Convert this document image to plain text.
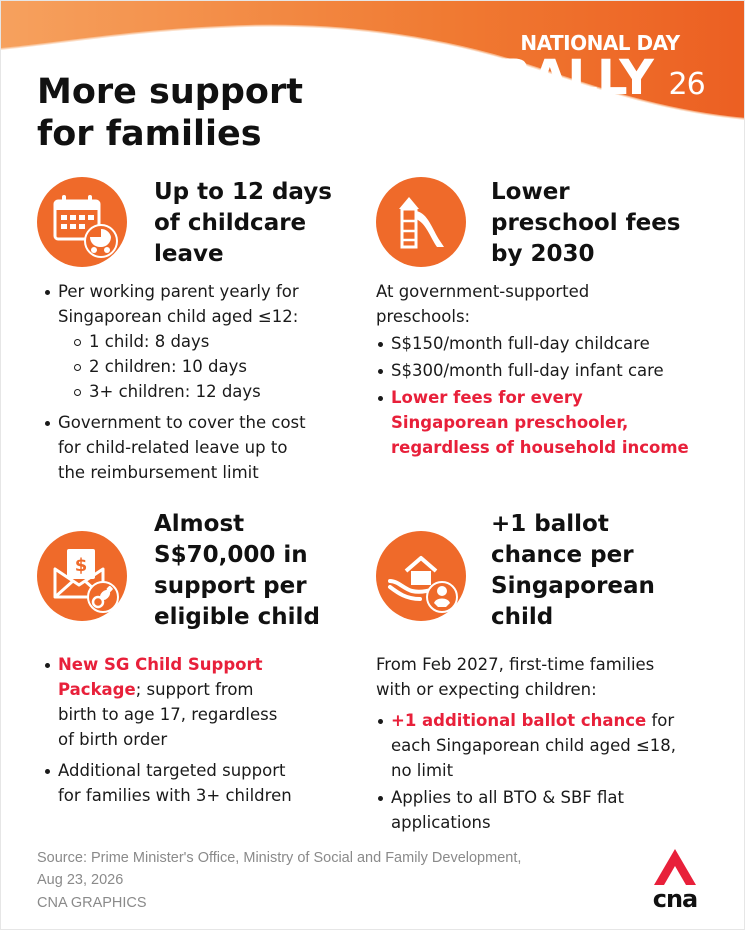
NATIONAL DAY
RALLY 26
More support
for families
Up to 12 days
of childcare
leave
Per working parent yearly for
Singaporean child aged ≤12:
1 child: 8 days
2 children: 10 days
3+ children: 12 days
Government to cover the cost
for child-related leave up to
the reimbursement limit
Lower
preschool fees
by 2030
At government-supported
preschools:
S$150/month full-day childcare
S$300/month full-day infant care
Lower fees for every
Singaporean preschooler,
regardless of household income
$
Almost
S$70,000 in
support per
eligible child
New SG Child Support
Package; support from
birth to age 17, regardless
of birth order
Additional targeted support
for families with 3+ children
+1 ballot
chance per
Singaporean
child
From Feb 2027, first-time families
with or expecting children:
+1 additional ballot chance for
each Singaporean child aged ≤18,
no limit
Applies to all BTO & SBF flat
applications
Source: Prime Minister's Office, Ministry of Social and Family Development,
Aug 23, 2026
CNA GRAPHICS	cna
